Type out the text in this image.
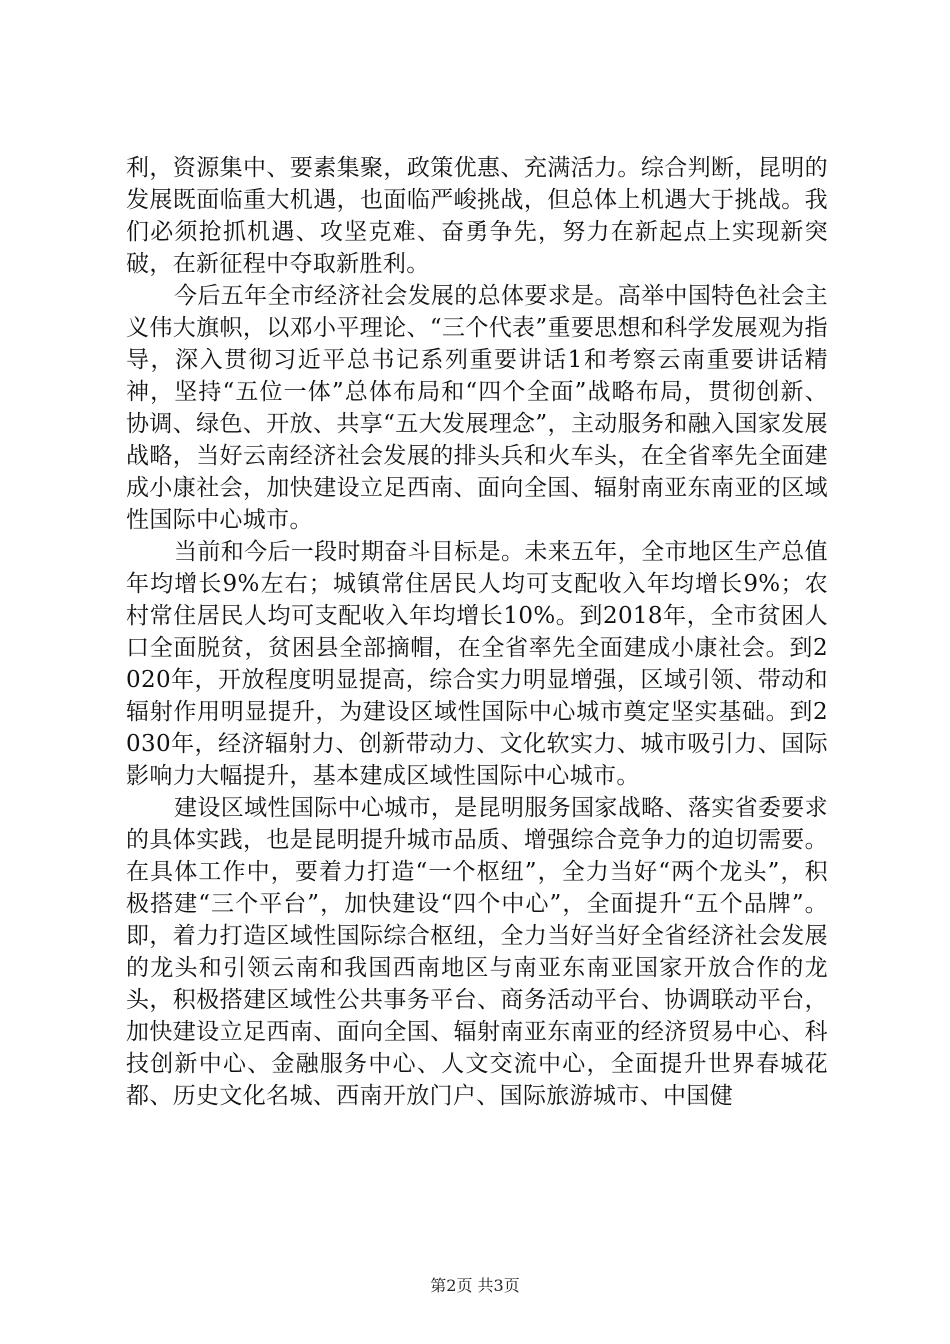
利，资源集中、要素集聚，政策优惠、充满活力。综合判断，昆明的发展既面临重大机遇，也面临严峻挑战，但总体上机遇大于挑战。我们必须抢抓机遇、攻坚克难、奋勇争先，努力在新起点上实现新突破，在新征程中夺取新胜利。

今后五年全市经济社会发展的总体要求是。高举中国特色社会主义伟大旗帜，以邓小平理论、“三个代表”重要思想和科学发展观为指导，深入贯彻习近平总书记系列重要讲话1和考察云南重要讲话精神，坚持“五位一体”总体布局和“四个全面”战略布局，贯彻创新、协调、绿色、开放、共享“五大发展理念”，主动服务和融入国家发展战略，当好云南经济社会发展的排头兵和火车头，在全省率先全面建成小康社会，加快建设立足西南、面向全国、辐射南亚东南亚的区域性国际中心城市。

当前和今后一段时期奋斗目标是。未来五年，全市地区生产总值年均增长9%左右；城镇常住居民人均可支配收入年均增长9%；农村常住居民人均可支配收入年均增长10%。到2018年，全市贫困人口全面脱贫，贫困县全部摘帽，在全省率先全面建成小康社会。到2020年，开放程度明显提高，综合实力明显增强，区域引领、带动和辐射作用明显提升，为建设区域性国际中心城市奠定坚实基础。到2030年，经济辐射力、创新带动力、文化软实力、城市吸引力、国际影响力大幅提升，基本建成区域性国际中心城市。

建设区域性国际中心城市，是昆明服务国家战略、落实省委要求的具体实践，也是昆明提升城市品质、增强综合竞争力的迫切需要。在具体工作中，要着力打造“一个枢纽”，全力当好“两个龙头”，积极搭建“三个平台”，加快建设“四个中心”，全面提升“五个品牌”。即，着力打造区域性国际综合枢纽，全力当好当好全省经济社会发展的龙头和引领云南和我国西南地区与南亚东南亚国家开放合作的龙头，积极搭建区域性公共事务平台、商务活动平台、协调联动平台，加快建设立足西南、面向全国、辐射南亚东南亚的经济贸易中心、科技创新中心、金融服务中心、人文交流中心，全面提升世界春城花都、历史文化名城、西南开放门户、国际旅游城市、中国健

第2页 共3页
